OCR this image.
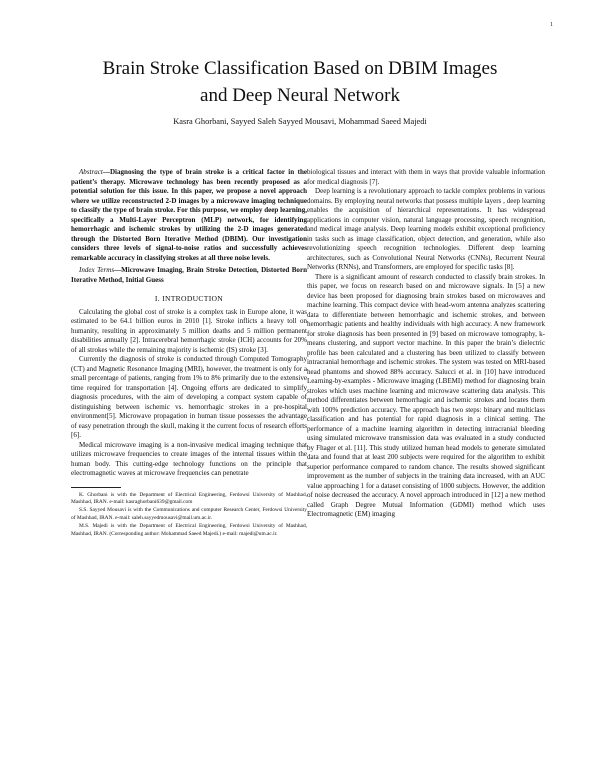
1
Brain Stroke Classification Based on DBIM Images
and Deep Neural Network
Kasra Ghorbani, Sayyed Saleh Sayyed Mousavi, Mohammad Saeed Majedi

Abstract—Diagnosing the type of brain stroke is a critical factor in the patient’s therapy. Microwave technology has been recently proposed as a potential solution for this issue. In this paper, we propose a novel approach where we utilize reconstructed 2-D images by a microwave imaging technique to classify the type of brain stroke. For this purpose, we employ deep learning, specifically a Multi-Layer Perceptron (MLP) network, for identifying hemorrhagic and ischemic strokes by utilizing the 2-D images generated through the Distorted Born Iterative Method (DBIM). Our investigation considers three levels of signal-to-noise ratios and successfully achieves remarkable accuracy in classifying strokes at all three noise levels.

Index Terms—Microwave Imaging, Brain Stroke Detection, Distorted Born Iterative Method, Initial Guess

I. INTRODUCTION

Calculating the global cost of stroke is a complex task in Europe alone, it was estimated to be 64.1 billion euros in 2010 [1]. Stroke inflicts a heavy toll on humanity, resulting in approximately 5 million deaths and 5 million permanent disabilities annually [2]. Intracerebral hemorrhagic stroke (ICH) accounts for 20% of all strokes while the remaining majority is ischemic (IS) stroke [3].

Currently the diagnosis of stroke is conducted through Computed Tomography (CT) and Magnetic Resonance Imaging (MRI), however, the treatment is only for a small percentage of patients, ranging from 1% to 8% primarily due to the extensive time required for transportation [4]. Ongoing efforts are dedicated to simplify diagnosis procedures, with the aim of developing a compact system capable of distinguishing between ischemic vs. hemorrhagic strokes in a pre-hospital environment[5]. Microwave propagation in human tissue possesses the advantage of easy penetration through the skull, making it the current focus of research efforts [6].

Medical microwave imaging is a non-invasive medical imaging technique that utilizes microwave frequencies to create images of the internal tissues within the human body. This cutting-edge technology functions on the principle that electromagnetic waves at microwave frequencies can penetrate

K. Ghorbani is with the Department of Electrical Engineering, Ferdowsi University of Mashhad, Mashhad, IRAN. e-mail: kasraghorbani639@gmail.com

S.S. Sayyed Mousavi is with the Communications and computer Research Center, Ferdowsi University of Mashhad, IRAN. e-mail: saleh.sayyedmousavi@mail.um.ac.ir.

M.S. Majedi is with the Department of Electrical Engineering, Ferdowsi University of Mashhad, Mashhad, IRAN. (Corresponding author: Mohammad Saeed Majedi.) e-mail: majedi@um.ac.ir.

biological tissues and interact with them in ways that provide valuable information for medical diagnosis [7].

Deep learning is a revolutionary approach to tackle complex problems in various domains. By employing neural networks that possess multiple layers , deep learning enables the acquisition of hierarchical representations. It has widespread applications in computer vision, natural language processing, speech recognition, and medical image analysis. Deep learning models exhibit exceptional proficiency in tasks such as image classification, object detection, and generation, while also revolutionizing speech recognition technologies. Different deep learning architectures, such as Convolutional Neural Networks (CNNs), Recurrent Neural Networks (RNNs), and Transformers, are employed for specific tasks [8].

There is a significant amount of research conducted to classify brain strokes. In this paper, we focus on research based on and microwave signals. In [5] a new device has been proposed for diagnosing brain strokes based on microwaves and machine learning. This compact device with head-worn antenna analyzes scattering data to differentiate between hemorrhagic and ischemic strokes, and between hemorrhagic patients and healthy individuals with high accuracy. A new framework for stroke diagnosis has been presented in [9] based on microwave tomography, k-means clustering, and support vector machine. In this paper the brain’s dielectric profile has been calculated and a clustering has been utilized to classify between intracranial hemorrhage and ischemic strokes. The system was tested on MRI-based head phantoms and showed 88% accuracy. Salucci et al. in [10] have introduced Learning-by-examples - Microwave imaging (LBEMI) method for diagnosing brain strokes which uses machine learning and microwave scattering data analysis. This method differentiates between hemorrhagic and ischemic strokes and locates them with 100% prediction accuracy. The approach has two steps: binary and multiclass classification and has potential for rapid diagnosis in a clinical setting. The performance of a machine learning algorithm in detecting intracranial bleeding using simulated microwave transmission data was evaluated in a study conducted by Fhager et al. [11]. This study utilized human head models to generate simulated data and found that at least 200 subjects were required for the algorithm to exhibit superior performance compared to random chance. The results showed significant improvement as the number of subjects in the training data increased, with an AUC value approaching 1 for a dataset consisting of 1000 subjects. However, the addition of noise decreased the accuracy. A novel approach introduced in [12] a new method called Graph Degree Mutual Information (GDMI) method which uses Electromagnetic (EM) imaging
